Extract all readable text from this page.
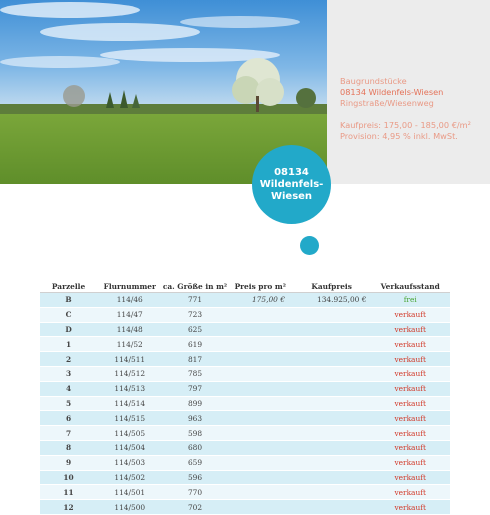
Baugrundstücke
08134 Wildenfels-Wiesen
Ringstraße/Wiesenweg
Kaufpreis: 175,00 - 185,00 €/m²
Provision: 4,95 % inkl. MwSt.
08134
Wildenfels-
Wiesen
Parzelle	Flurnummer	ca. Größe in m²	Preis pro m²	Kaufpreis	Verkaufsstand
B	114/46	771	175,00 €	134.925,00 €	frei
C	114/47	723			verkauft
D	114/48	625			verkauft
1	114/52	619			verkauft
2	114/511	817			verkauft
3	114/512	785			verkauft
4	114/513	797			verkauft
5	114/514	899			verkauft
6	114/515	963			verkauft
7	114/505	598			verkauft
8	114/504	680			verkauft
9	114/503	659			verkauft
10	114/502	596			verkauft
11	114/501	770			verkauft
12	114/500	702			verkauft
